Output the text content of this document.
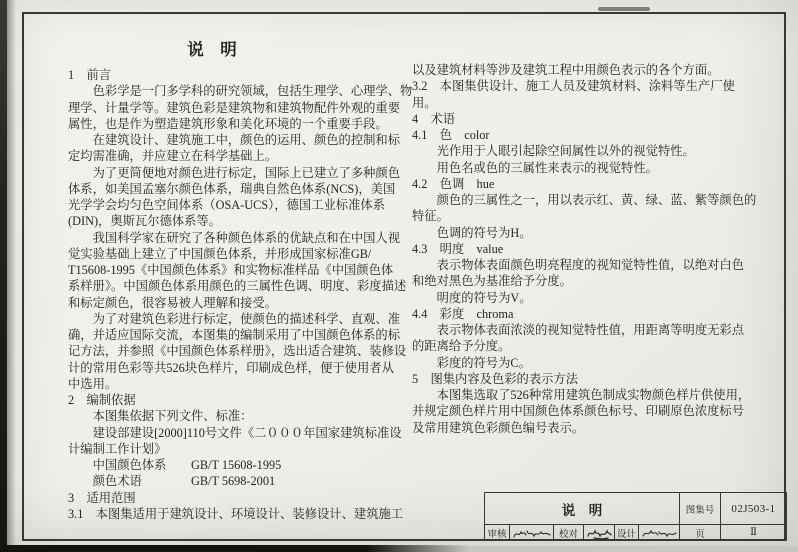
说　明
1　前言
　　色彩学是一门多学科的研究领域，包括生理学、心理学、物
理学、计量学等。建筑色彩是建筑物和建筑物配件外观的重要
属性，也是作为塑造建筑形象和美化环境的一个重要手段。
　　在建筑设计、建筑施工中，颜色的运用、颜色的控制和标
定均需准确，并应建立在科学基础上。
　　为了更简便地对颜色进行标定，国际上已建立了多种颜色
体系，如美国孟塞尔颜色体系，瑞典自然色体系(NCS)，美国
光学学会均匀色空间体系（OSA-UCS），德国工业标准体系
(DIN)，奥斯瓦尔德体系等。
　　我国科学家在研究了各种颜色体系的优缺点和在中国人视
觉实验基础上建立了中国颜色体系，并形成国家标准GB/
T15608-1995《中国颜色体系》和实物标准样品《中国颜色体
系样册》。中国颜色体系用颜色的三属性色调、明度、彩度描述
和标定颜色，很容易被人理解和接受。
　　为了对建筑色彩进行标定，使颜色的描述科学、直观、准
确，并适应国际交流，本图集的编制采用了中国颜色体系的标
记方法，并参照《中国颜色体系样册》，选出适合建筑、装修设
计的常用色彩等共526块色样片，印刷成色样，便于使用者从
中选用。
2　编制依据
　　本图集依据下列文件、标准：
　　建设部建设[2000]110号文件《二０００年国家建筑标准设
计编制工作计划》
　　中国颜色体系　　GB/T 15608-1995
　　颜色术语　　　　GB/T 5698-2001
3　适用范围
3.1　本图集适用于建筑设计、环境设计、装修设计、建筑施工
以及建筑材料等涉及建筑工程中用颜色表示的各个方面。
3.2　本图集供设计、施工人员及建筑材料、涂料等生产厂使
用。
4　术语
4.1　色　color
　　光作用于人眼引起除空间属性以外的视觉特性。
　　用色名或色的三属性来表示的视觉特性。
4.2　色调　hue
　　颜色的三属性之一，用以表示红、黄、绿、蓝、紫等颜色的
特征。
　　色调的符号为H。
4.3　明度　value
　　表示物体表面颜色明亮程度的视知觉特性值，以绝对白色
和绝对黑色为基准给予分度。
　　明度的符号为V。
4.4　彩度　chroma
　　表示物体表面浓淡的视知觉特性值，用距离等明度无彩点
的距离给予分度。
　　彩度的符号为C。
5　图集内容及色彩的表示方法
　　本图集选取了526种常用建筑色制成实物颜色样片供使用，
并规定颜色样片用中国颜色体系颜色标号、印刷原色浓度标号
及常用建筑色彩颜色编号表示。
说　明						图集号	02J503-1
审核		校对		设计		页	Ⅱ
